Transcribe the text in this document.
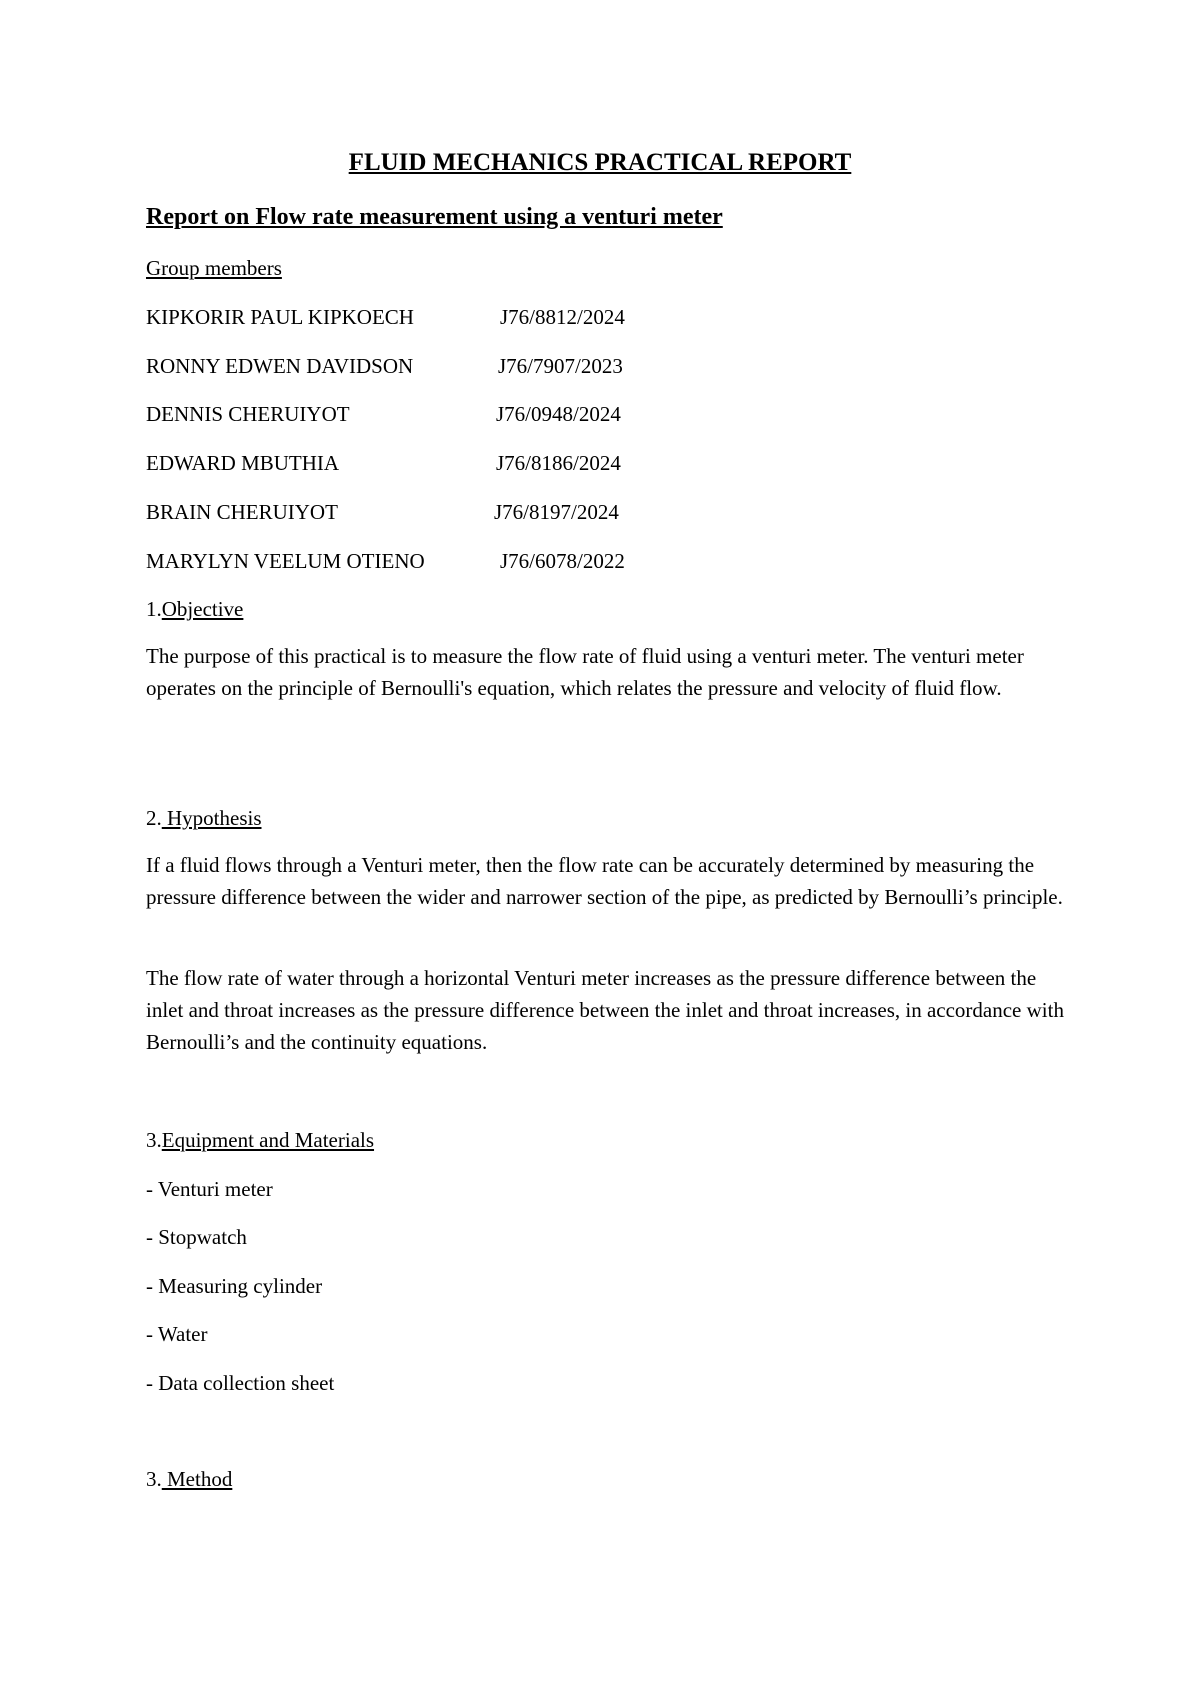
FLUID MECHANICS PRACTICAL REPORT
Report on Flow rate measurement using a venturi meter
Group members
KIPKORIR PAUL KIPKOECH	J76/8812/2024
RONNY EDWEN DAVIDSON	J76/7907/2023
DENNIS CHERUIYOT	J76/0948/2024
EDWARD MBUTHIA	J76/8186/2024
BRAIN CHERUIYOT	J76/8197/2024
MARYLYN VEELUM OTIENO	J76/6078/2022
1.Objective
The purpose of this practical is to measure the flow rate of fluid using a venturi meter. The venturi meter operates on the principle of Bernoulli's equation, which relates the pressure and velocity of fluid flow.
2. Hypothesis
If a fluid flows through a Venturi meter, then the flow rate can be accurately determined by measuring the pressure difference between the wider and narrower section of the pipe, as predicted by Bernoulli’s principle.
The flow rate of water through a horizontal Venturi meter increases as the pressure difference between the inlet and throat increases as the pressure difference between the inlet and throat increases, in accordance with Bernoulli’s and the continuity equations.
3.Equipment and Materials
- Venturi meter
- Stopwatch
- Measuring cylinder
- Water
- Data collection sheet
3. Method
